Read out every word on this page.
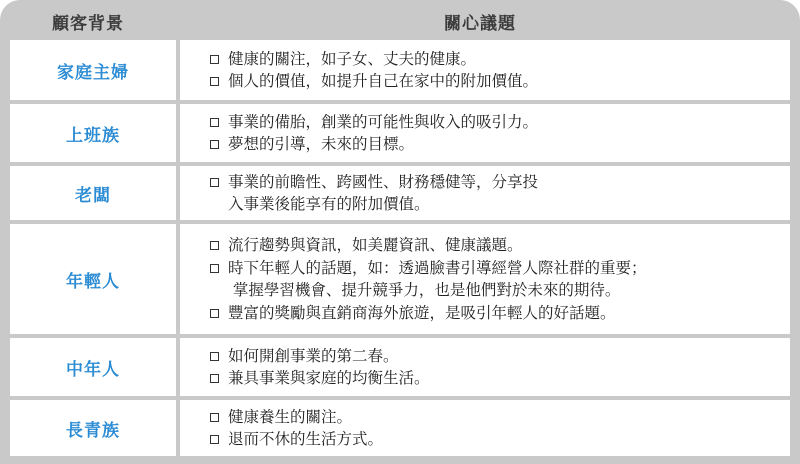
顧客背景	關心議題
家庭主婦
健康的關注，如子女、丈夫的健康。
個人的價值，如提升自己在家中的附加價值。
上班族
事業的備胎，創業的可能性與收入的吸引力。
夢想的引導，未來的目標。
老闆
事業的前瞻性、跨國性、財務穩健等，分享投
入事業後能享有的附加價值。
年輕人
流行趨勢與資訊，如美麗資訊、健康議題。
時下年輕人的話題，如：透過臉書引導經營人際社群的重要；
掌握學習機會、提升競爭力，也是他們對於未來的期待。
豐富的獎勵與直銷商海外旅遊，是吸引年輕人的好話題。
中年人
如何開創事業的第二春。
兼具事業與家庭的均衡生活。
長青族
健康養生的關注。
退而不休的生活方式。
